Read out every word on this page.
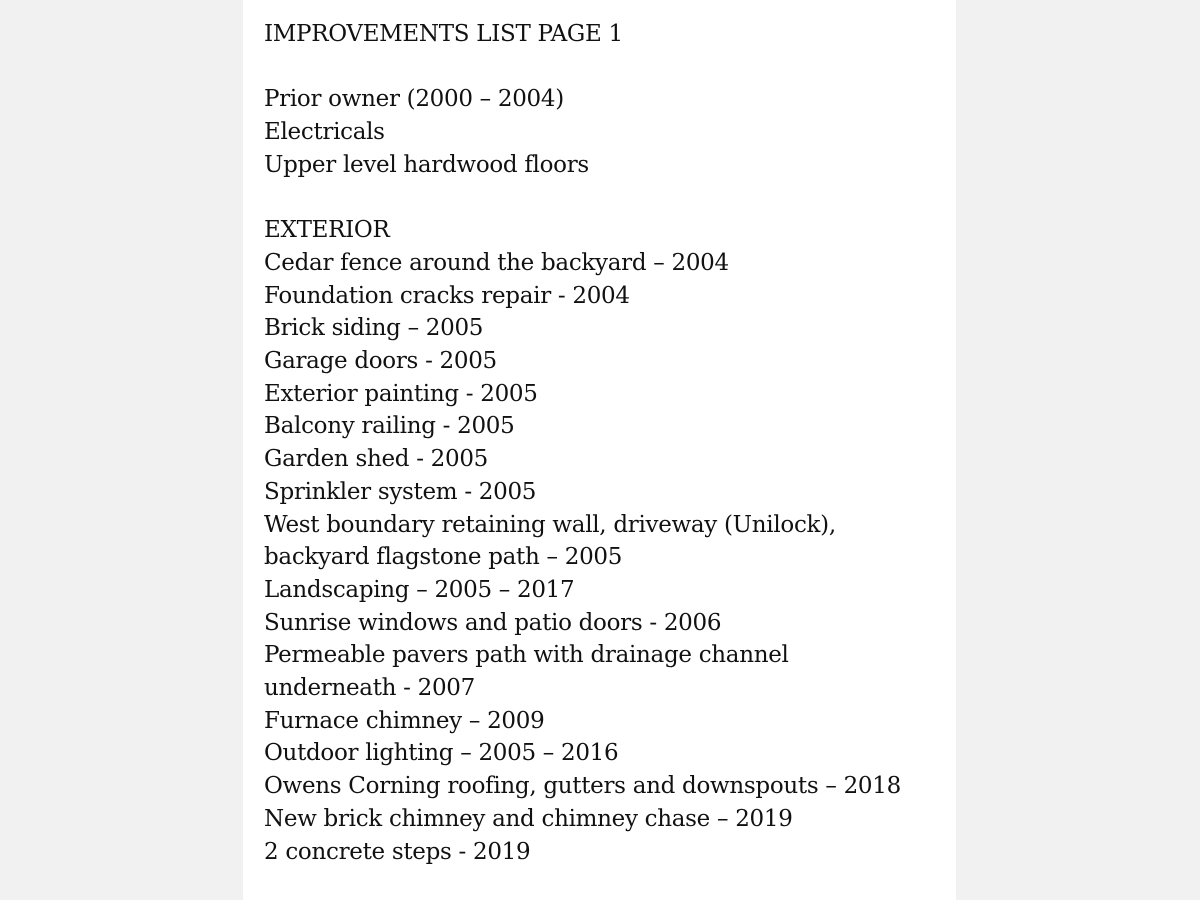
IMPROVEMENTS LIST PAGE 1
Prior owner (2000 – 2004)
Electricals
Upper level hardwood floors
EXTERIOR
Cedar fence around the backyard – 2004
Foundation cracks repair - 2004
Brick siding – 2005
Garage doors - 2005
Exterior painting - 2005
Balcony railing - 2005
Garden shed - 2005
Sprinkler system - 2005
West boundary retaining wall, driveway (Unilock),
backyard flagstone path – 2005
Landscaping – 2005 – 2017
Sunrise windows and patio doors - 2006
Permeable pavers path with drainage channel
underneath - 2007
Furnace chimney – 2009
Outdoor lighting – 2005 – 2016
Owens Corning roofing, gutters and downspouts – 2018
New brick chimney and chimney chase – 2019
2 concrete steps - 2019
